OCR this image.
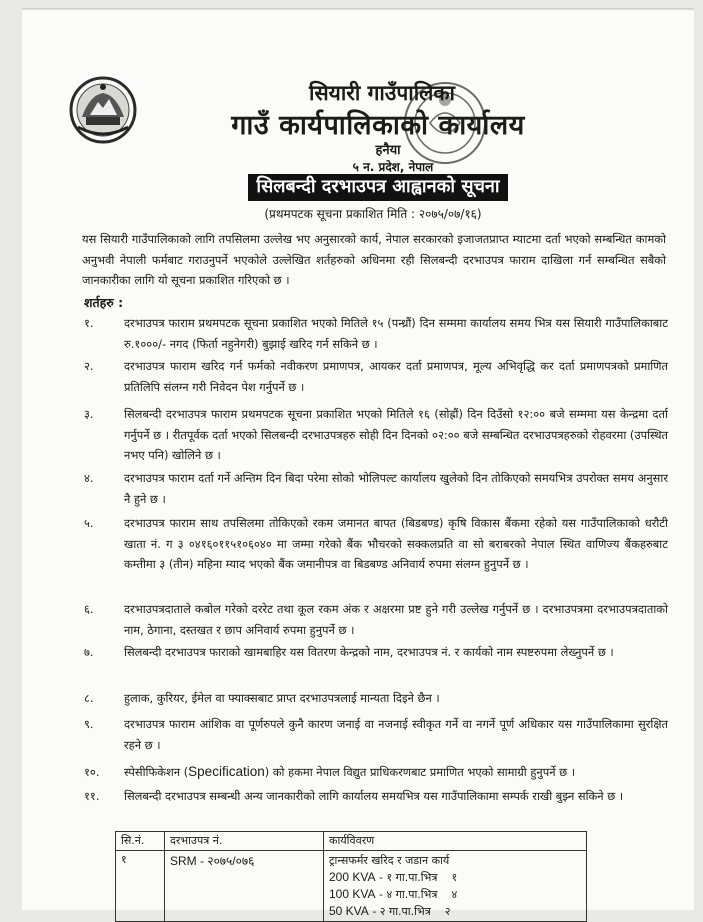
सियारी गाउँपालिका
गाउँ कार्यपालिकाको कार्यालय
हनैया
५ न. प्रदेश, नेपाल
सिलबन्दी दरभाउपत्र आह्वानको सूचना
(प्रथमपटक सूचना प्रकाशित मिति : २०७५/०७/१६)
यस सियारी गाउँपालिकाको लागि तपसिलमा उल्लेख भए अनुसारको कार्य, नेपाल सरकारको इजाजतप्राप्त म्याटमा दर्ता भएको सम्बन्धित कामको अनुभवी नेपाली फर्मबाट गराउनुपर्ने भएकोले उल्लेखित शर्तहरुको अधिनमा रही सिलबन्दी दरभाउपत्र फाराम दाखिला गर्न सम्बन्धित सबैको जानकारीका लागि यो सूचना प्रकाशित गरिएको छ ।
शर्तहरु :
१.	दरभाउपत्र फाराम प्रथमपटक सूचना प्रकाशित भएको मितिले १५ (पन्ध्रौं) दिन सम्ममा कार्यालय समय भित्र यस सियारी गाउँपालिकाबाट रु.१०००/- नगद (फिर्ता नहुनेगरी) बुझाई खरिद गर्न सकिने छ ।
२.	दरभाउपत्र फाराम खरिद गर्न फर्मको नवीकरण प्रमाणपत्र, आयकर दर्ता प्रमाणपत्र, मूल्य अभिवृद्धि कर दर्ता प्रमाणपत्रको प्रमाणित प्रतिलिपि संलग्न गरी निवेदन पेश गर्नुपर्ने छ ।
३.	सिलबन्दी दरभाउपत्र फाराम प्रथमपटक सूचना प्रकाशित भएको मितिले १६ (सोह्रौं) दिन दिउँसो १२:०० बजे सम्ममा यस केन्द्रमा दर्ता गर्नुपर्ने छ । रीतपूर्वक दर्ता भएको सिलबन्दी दरभाउपत्रहरु सोही दिन दिनको ०२:०० बजे सम्बन्धित दरभाउपत्रहरुको रोहवरमा (उपस्थित नभए पनि) खोलिने छ ।
४.	दरभाउपत्र फाराम दर्ता गर्ने अन्तिम दिन बिदा परेमा सोको भोलिपल्ट कार्यालय खुलेको दिन तोकिएको समयभित्र उपरोक्त समय अनुसार नै हुने छ ।
५.	दरभाउपत्र फाराम साथ तपसिलमा तोकिएको रकम जमानत बापत (बिडबण्ड) कृषि विकास बैंकमा रहेको यस गाउँपालिकाको धरौटी खाता नं. ग ३ ०४१६०११५१०६०४० मा जम्मा गरेको बैंक भौचरको सक्कलप्रति वा सो बराबरको नेपाल स्थित वाणिज्य बैंकहरुबाट कम्तीमा ३ (तीन) महिना म्याद भएको बैंक जमानीपत्र वा बिडबण्ड अनिवार्य रुपमा संलग्न हुनुपर्ने छ ।
६.	दरभाउपत्रदाताले कबोल गरेको दररेट तथा कूल रकम अंक र अक्षरमा प्रष्ट हुने गरी उल्लेख गर्नुपर्ने छ । दरभाउपत्रमा दरभाउपत्रदाताको नाम, ठेगाना, दस्तखत र छाप अनिवार्य रुपमा हुनुपर्ने छ ।
७.	सिलबन्दी दरभाउपत्र फाराको खामबाहिर यस वितरण केन्द्रको नाम, दरभाउपत्र नं. र कार्यको नाम स्पष्टरुपमा लेख्नुपर्ने छ ।
८.	हुलाक, कुरियर, ईमेल वा फ्याक्सबाट प्राप्त दरभाउपत्रलाई मान्यता दिइने छैन ।
९.	दरभाउपत्र फाराम आंशिक वा पूर्णरुपले कुनै कारण जनाई वा नजनाई स्वीकृत गर्ने वा नगर्ने पूर्ण अधिकार यस गाउँपालिकामा सुरक्षित रहने छ ।
१०.	स्पेसीफिकेशन (Specification) को हकमा नेपाल विद्युत प्राधिकरणबाट प्रमाणित भएको सामाग्री हुनुपर्ने छ ।
११.	सिलबन्दी दरभाउपत्र सम्बन्धी अन्य जानकारीको लागि कार्यालय समयभित्र यस गाउँपालिकामा सम्पर्क राखी बुझ्न सकिने छ ।
सि.नं.	दरभाउपत्र नं.	कार्यविवरण
१	SRM - २०७५/०७६	ट्रान्सफर्मर खरिद र जडान कार्य
200 KVA - १ गा.पा.भित्र १
100 KVA - ४ गा.पा.भित्र ४
50 KVA - २ गा.पा.भित्र २
